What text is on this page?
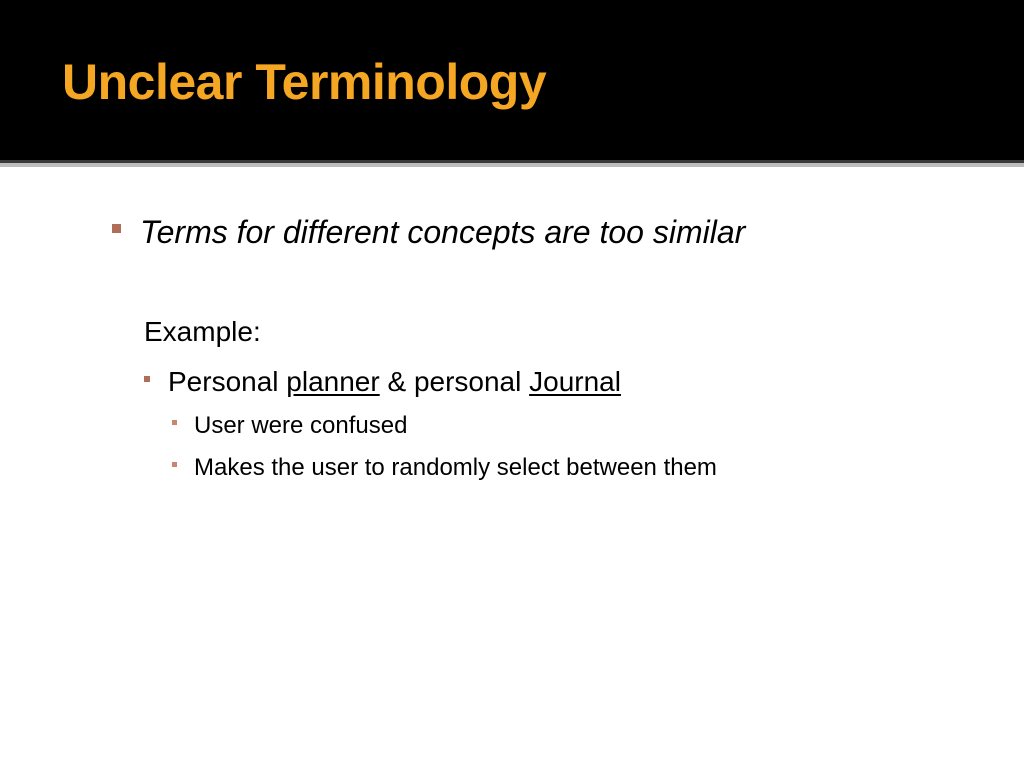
Unclear Terminology
Terms for different concepts are too similar
Example:
Personal planner & personal Journal
User were confused
Makes the user to randomly select between them
